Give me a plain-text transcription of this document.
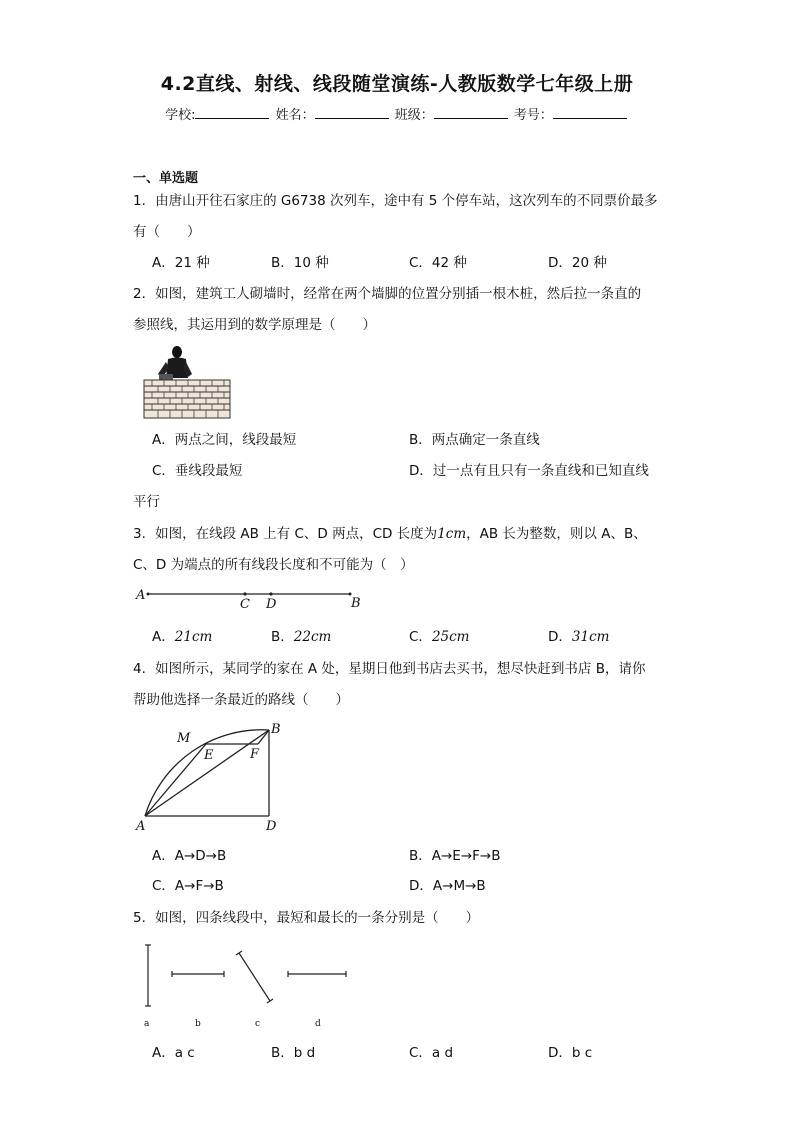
4.2直线、射线、线段随堂演练-人教版数学七年级上册
学校:	姓名：	班级：	考号：
一、单选题
1．由唐山开往石家庄的 G6738 次列车，途中有 5 个停车站，这次列车的不同票价最多
有（　　）
A．21 种	B．10 种	C．42 种	D．20 种
2．如图，建筑工人砌墙时，经常在两个墙脚的位置分别插一根木桩，然后拉一条直的
参照线，其运用到的数学原理是（　　）
A．两点之间，线段最短	B．两点确定一条直线
C．垂线段最短	D．过一点有且只有一条直线和已知直线
平行
3．如图，在线段 AB 上有 C、D 两点，CD 长度为1cm，AB 长为整数，则以 A、B、
C、D 为端点的所有线段长度和不可能为（　）
A
C D	B
A．21cm	B．22cm	C．25cm	D．31cm
4．如图所示，某同学的家在 A 处，星期日他到书店去买书，想尽快赶到书店 B，请你
帮助他选择一条最近的路线（　　）
M
B
E	F
A	D
A．A→D→B	B．A→E→F→B
C．A→F→B	D．A→M→B
5．如图，四条线段中，最短和最长的一条分别是（　　）
a	b	c	d
A．a c	B．b d	C．a d	D．b c
